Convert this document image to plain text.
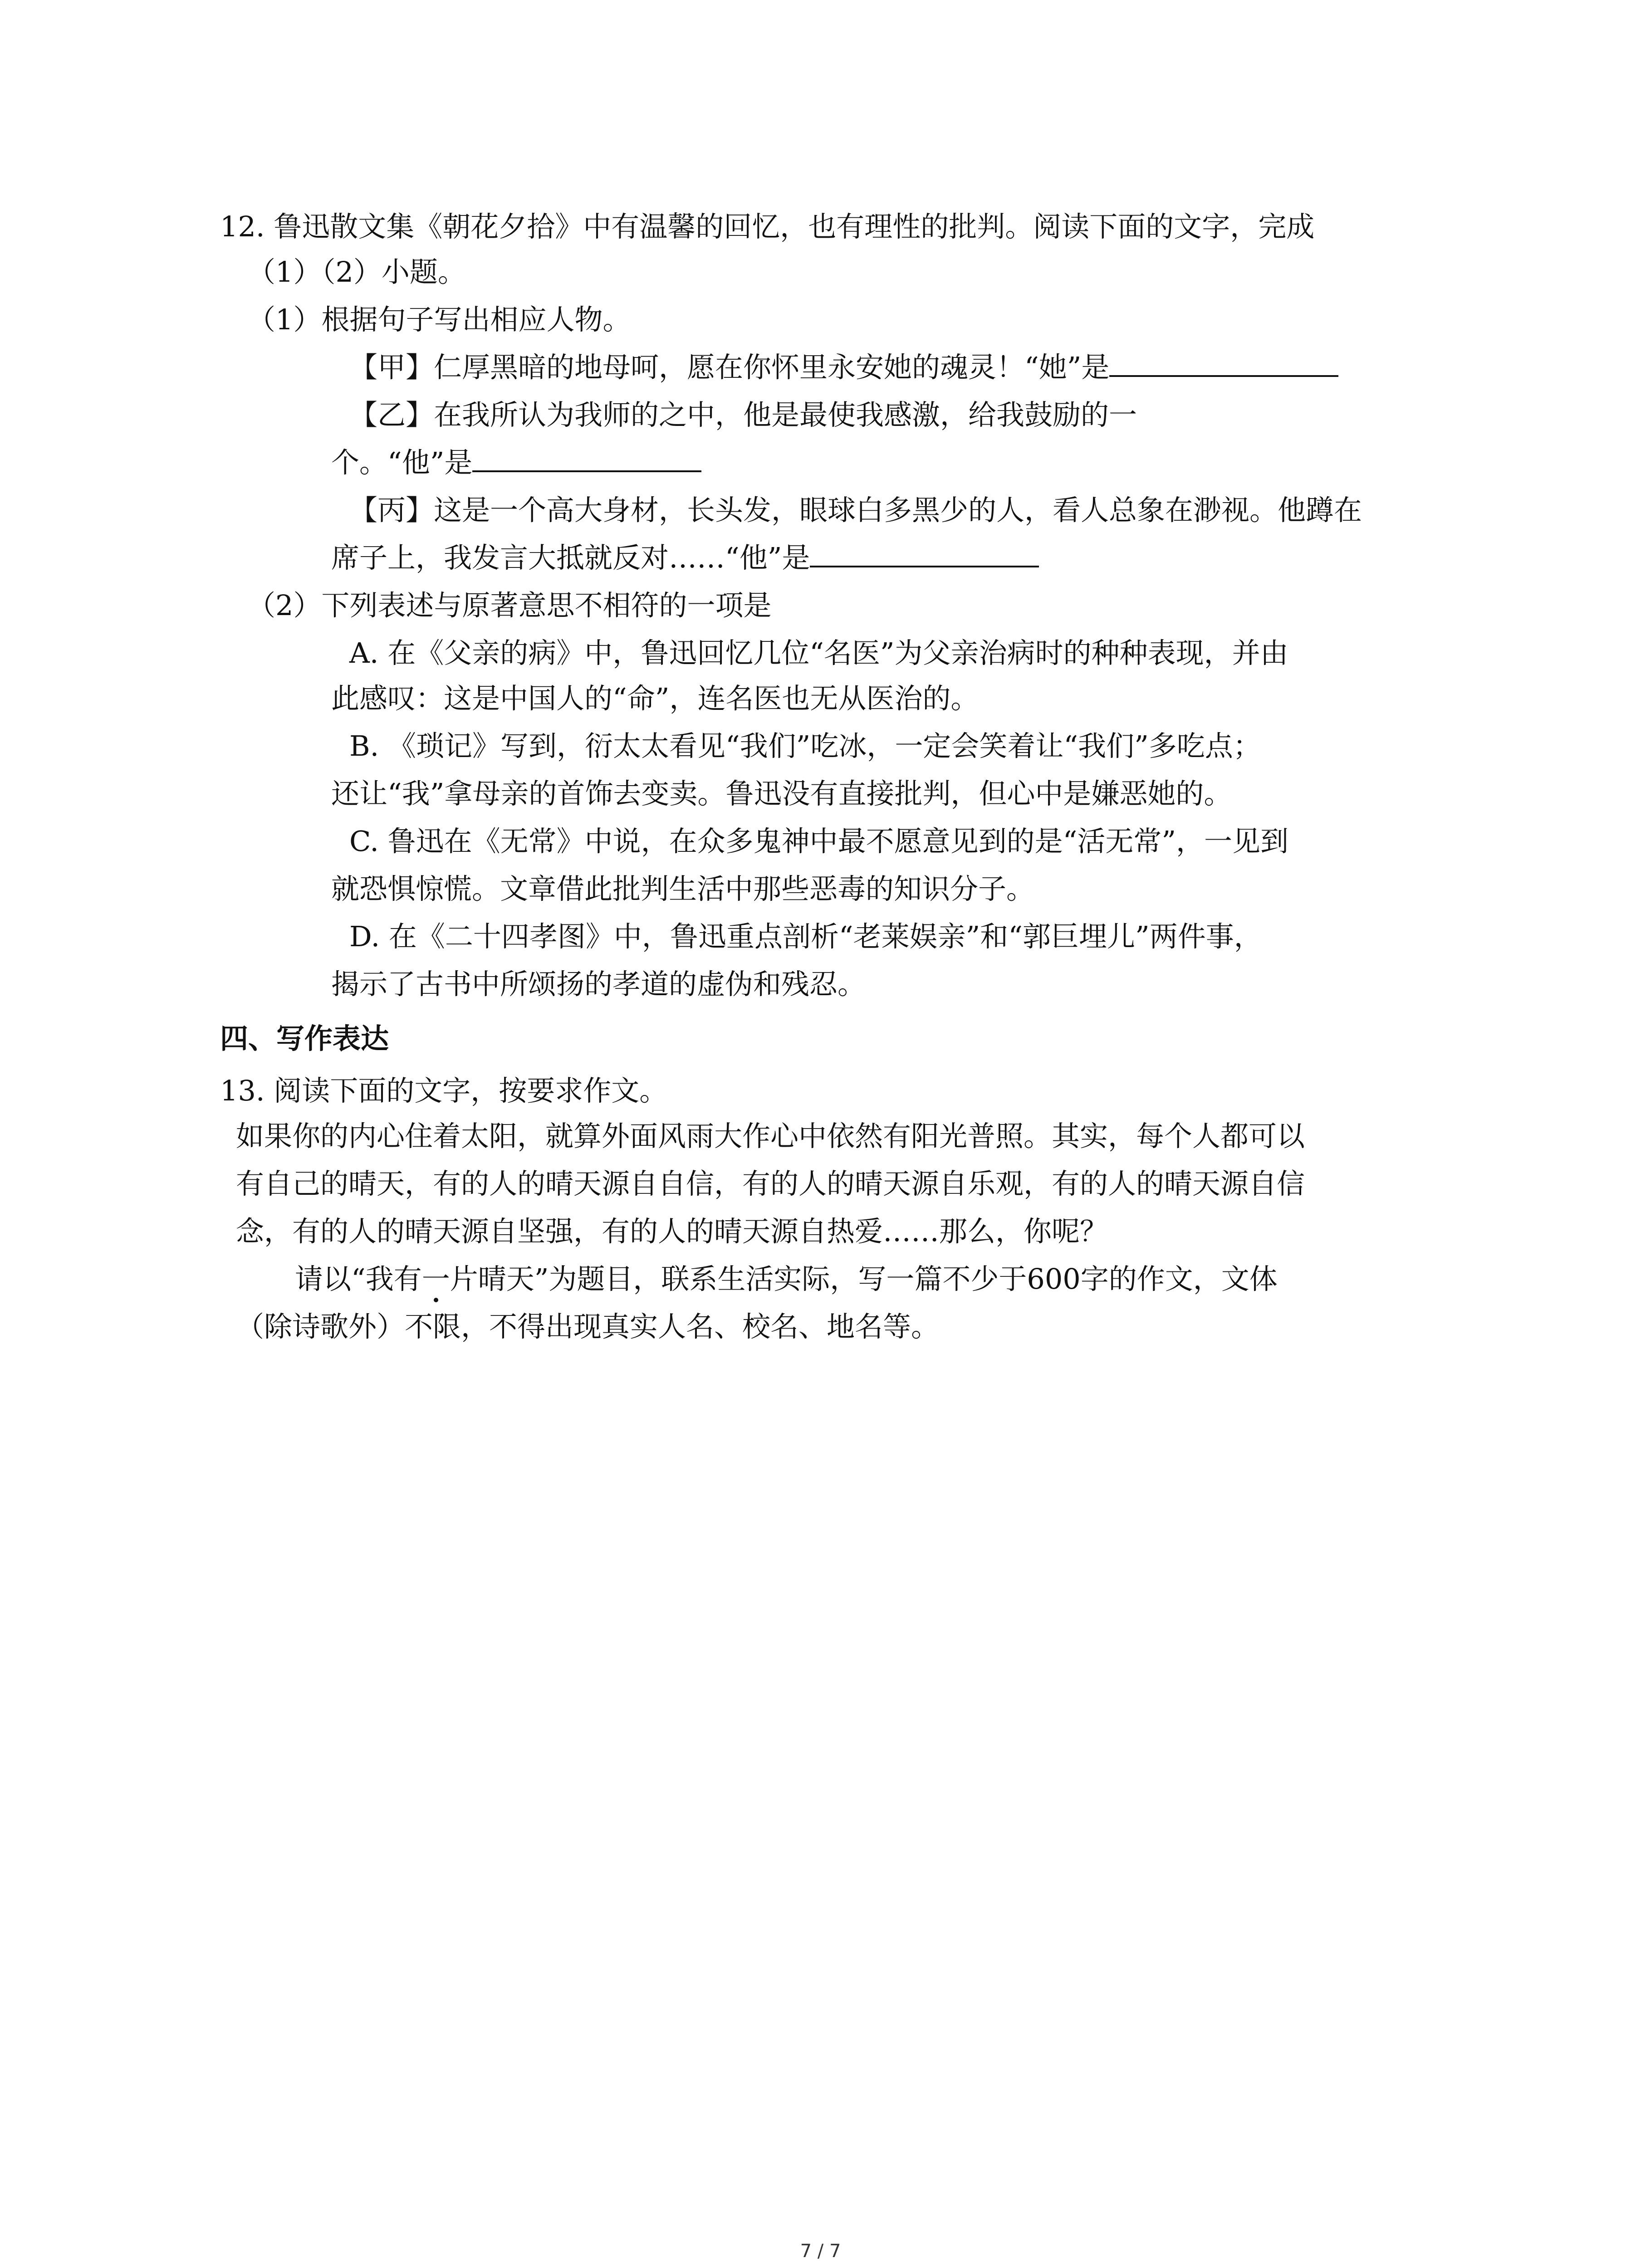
12. 鲁迅散文集《朝花夕拾》中有温馨的回忆，也有理性的批判。阅读下面的文字，完成
（1）（2）小题。
（1）根据句子写出相应人物。
【甲】仁厚黑暗的地母呵，愿在你怀里永安她的魂灵！“她”是
【乙】在我所认为我师的之中，他是最使我感激，给我鼓励的一
个。“他”是
【丙】这是一个高大身材，长头发，眼球白多黑少的人，看人总象在渺视。他蹲在
席子上，我发言大抵就反对……“他”是
（2）下列表述与原著意思不相符的一项是
A. 在《父亲的病》中，鲁迅回忆几位“名医”为父亲治病时的种种表现，并由
此感叹：这是中国人的“命”，连名医也无从医治的。
B. 《琐记》写到，衍太太看见“我们”吃冰，一定会笑着让“我们”多吃点；
还让“我”拿母亲的首饰去变卖。鲁迅没有直接批判，但心中是嫌恶她的。
C. 鲁迅在《无常》中说，在众多鬼神中最不愿意见到的是“活无常”，一见到
就恐惧惊慌。文章借此批判生活中那些恶毒的知识分子。
D. 在《二十四孝图》中，鲁迅重点剖析“老莱娱亲”和“郭巨埋儿”两件事，
揭示了古书中所颂扬的孝道的虚伪和残忍。
四、写作表达
13. 阅读下面的文字，按要求作文。
如果你的内心住着太阳，就算外面风雨大作心中依然有阳光普照。其实，每个人都可以
有自己的晴天，有的人的晴天源自自信，有的人的晴天源自乐观，有的人的晴天源自信
念，有的人的晴天源自坚强，有的人的晴天源自热爱……那么，你呢？
请以“我有一片晴天”为题目，联系生活实际，写一篇不少于600字的作文，文体
（除诗歌外）不限，不得出现真实人名、校名、地名等。
7 / 7
